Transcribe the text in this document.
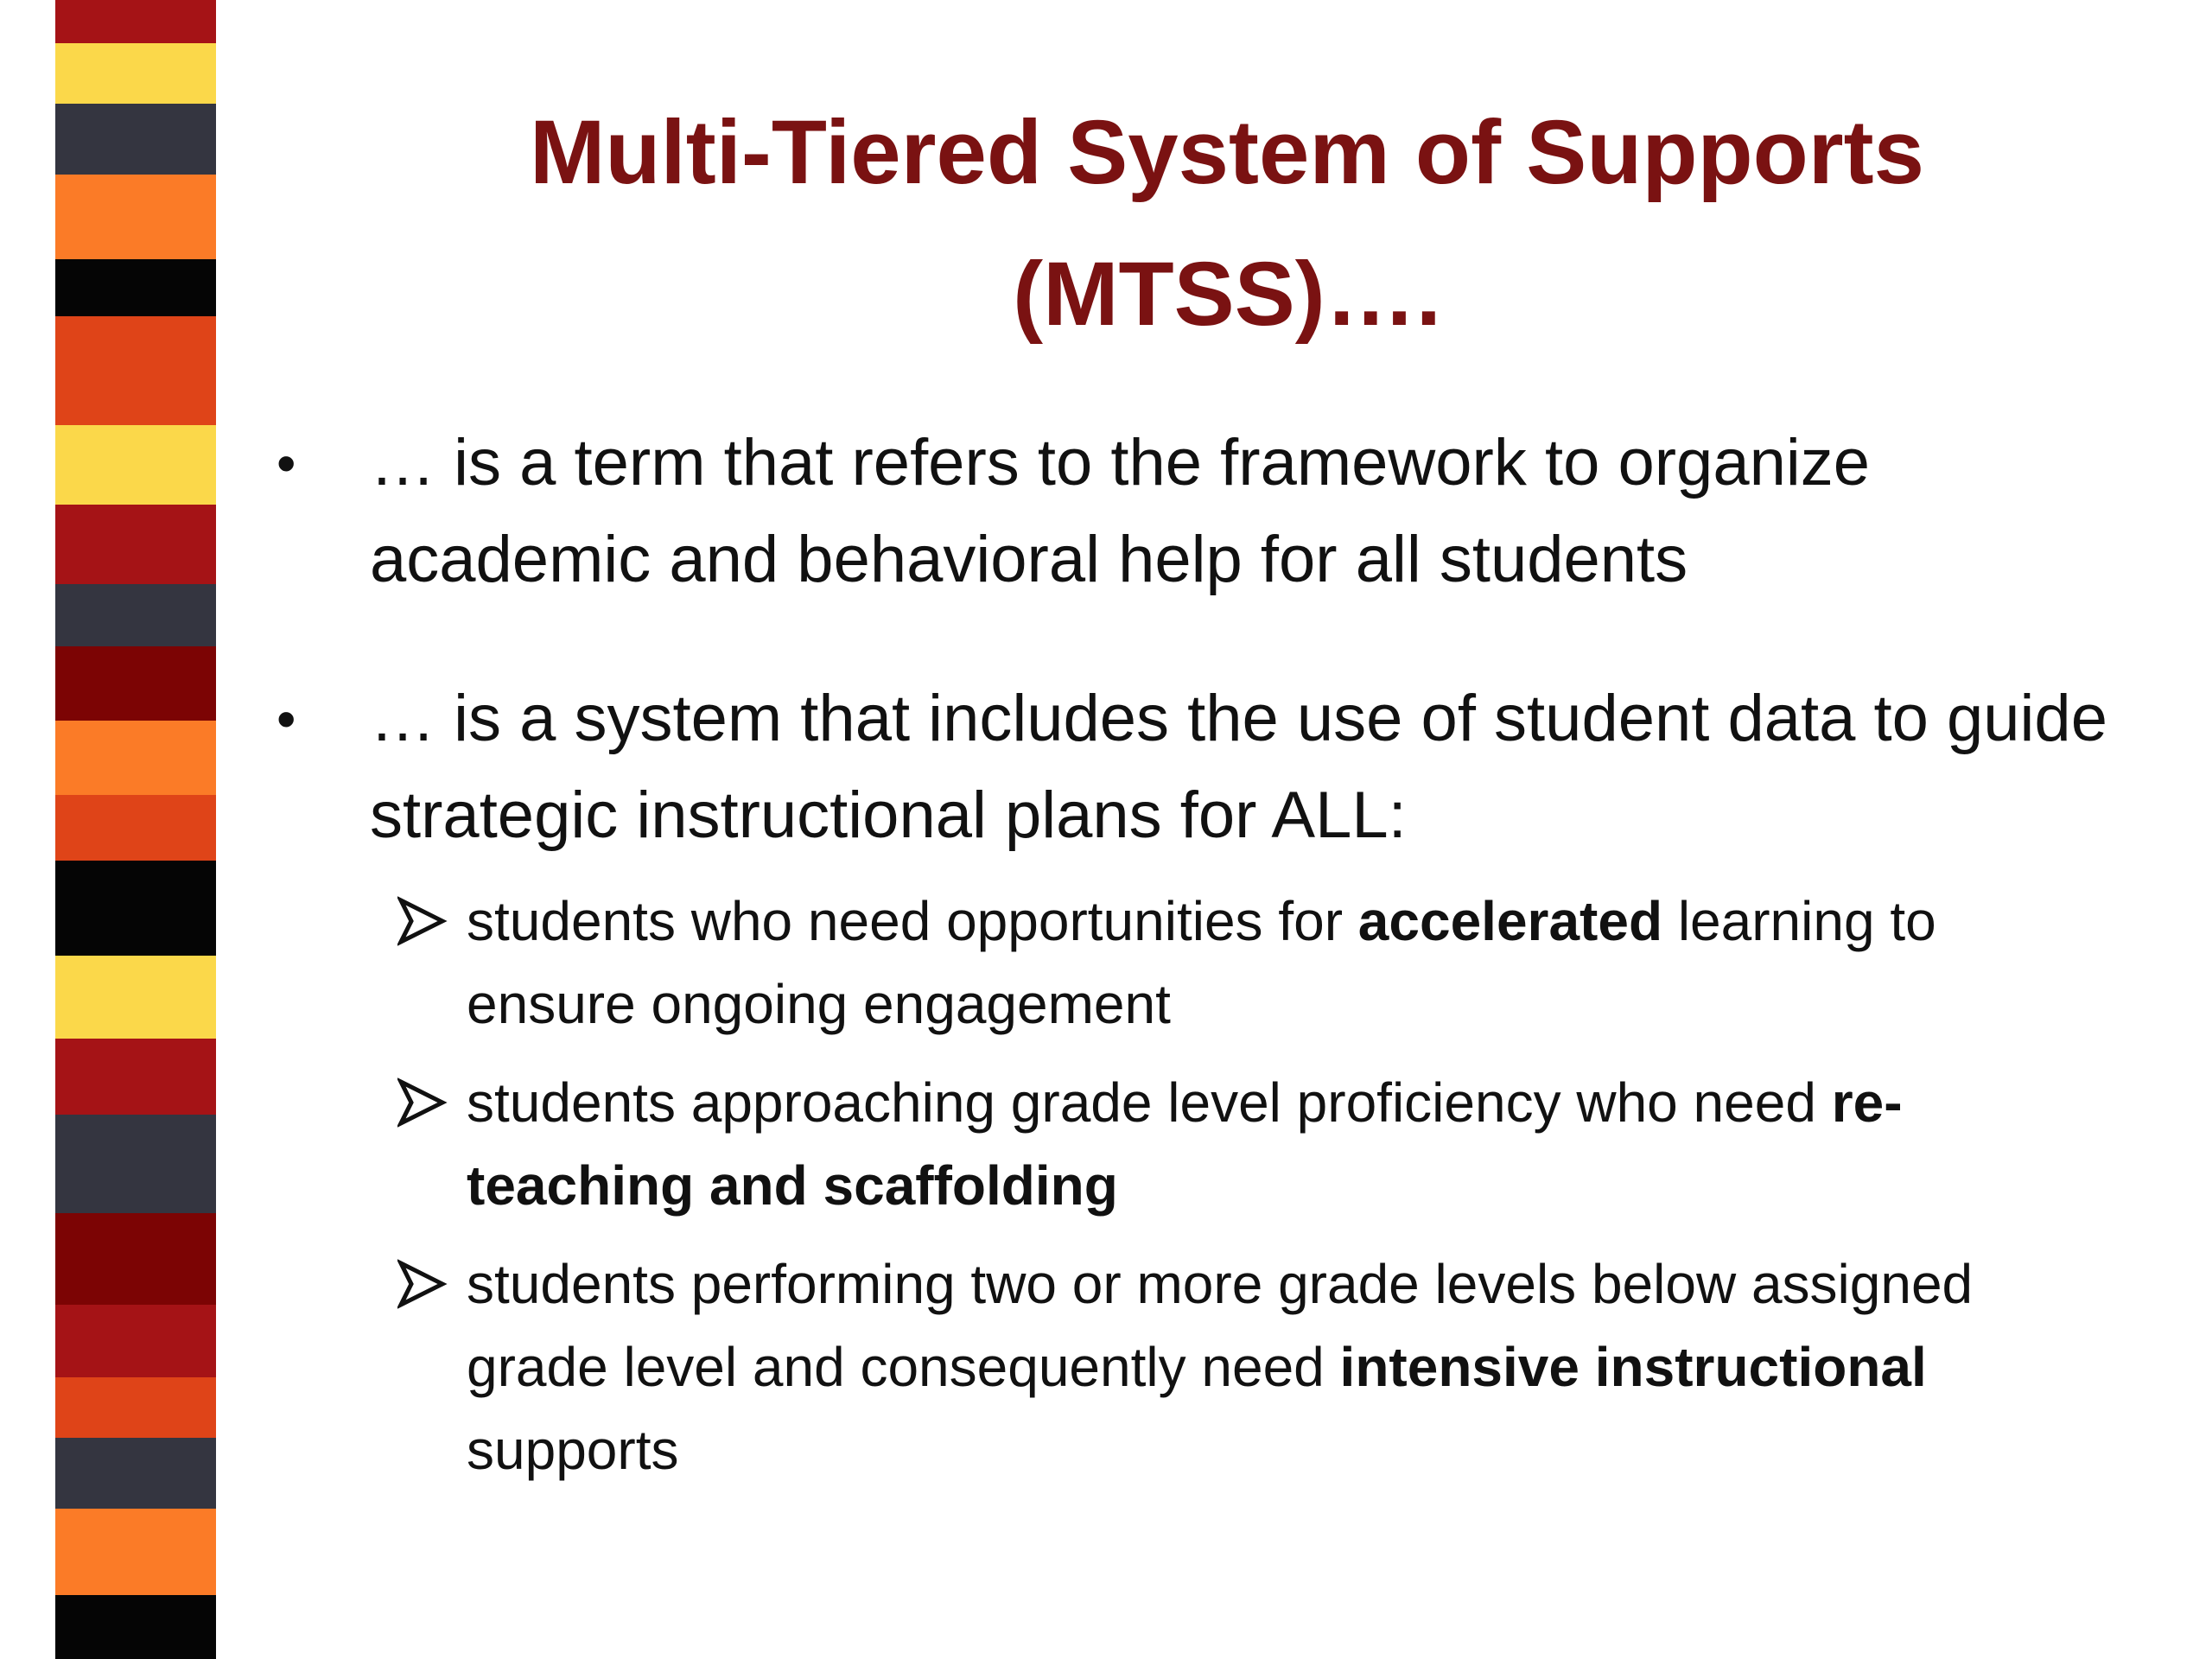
Multi-Tiered System of Supports
(MTSS)….
•	… is a term that refers to the framework to organize academic and behavioral help for all students
•	… is a system that includes the use of student data to guide strategic instructional plans for ALL:
students who need opportunities for accelerated learning to ensure ongoing engagement
students approaching grade level proficiency who need re-teaching and scaffolding
students performing two or more grade levels below assigned grade level and consequently need intensive instructional supports
